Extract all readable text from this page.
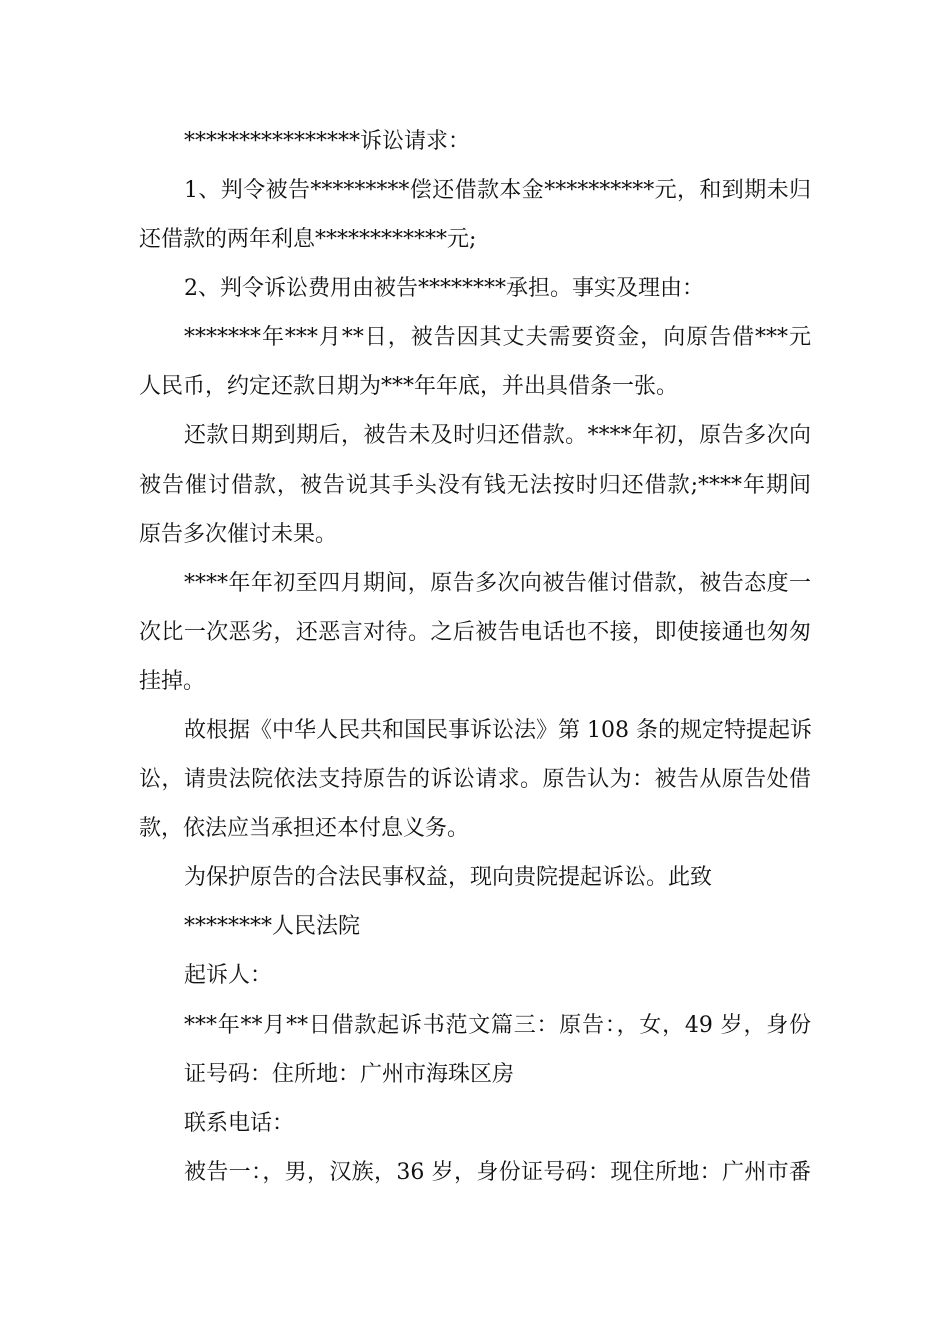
****************诉讼请求：
1、判令被告*********偿还借款本金**********元，和到期未归
还借款的两年利息************元;
2、判令诉讼费用由被告********承担。事实及理由：
*******年***月**日，被告因其丈夫需要资金，向原告借***元
人民币，约定还款日期为***年年底，并出具借条一张。
还款日期到期后，被告未及时归还借款。****年初，原告多次向
被告催讨借款，被告说其手头没有钱无法按时归还借款;****年期间
原告多次催讨未果。
****年年初至四月期间，原告多次向被告催讨借款，被告态度一
次比一次恶劣，还恶言对待。之后被告电话也不接，即使接通也匆匆
挂掉。
故根据《中华人民共和国民事诉讼法》第 108 条的规定特提起诉
讼，请贵法院依法支持原告的诉讼请求。原告认为：被告从原告处借
款，依法应当承担还本付息义务。
为保护原告的合法民事权益，现向贵院提起诉讼。此致
********人民法院
起诉人：
***年**月**日借款起诉书范文篇三：原告：，女，49 岁，身份
证号码：住所地：广州市海珠区房
联系电话：
被告一：，男，汉族，36 岁，身份证号码：现住所地：广州市番
